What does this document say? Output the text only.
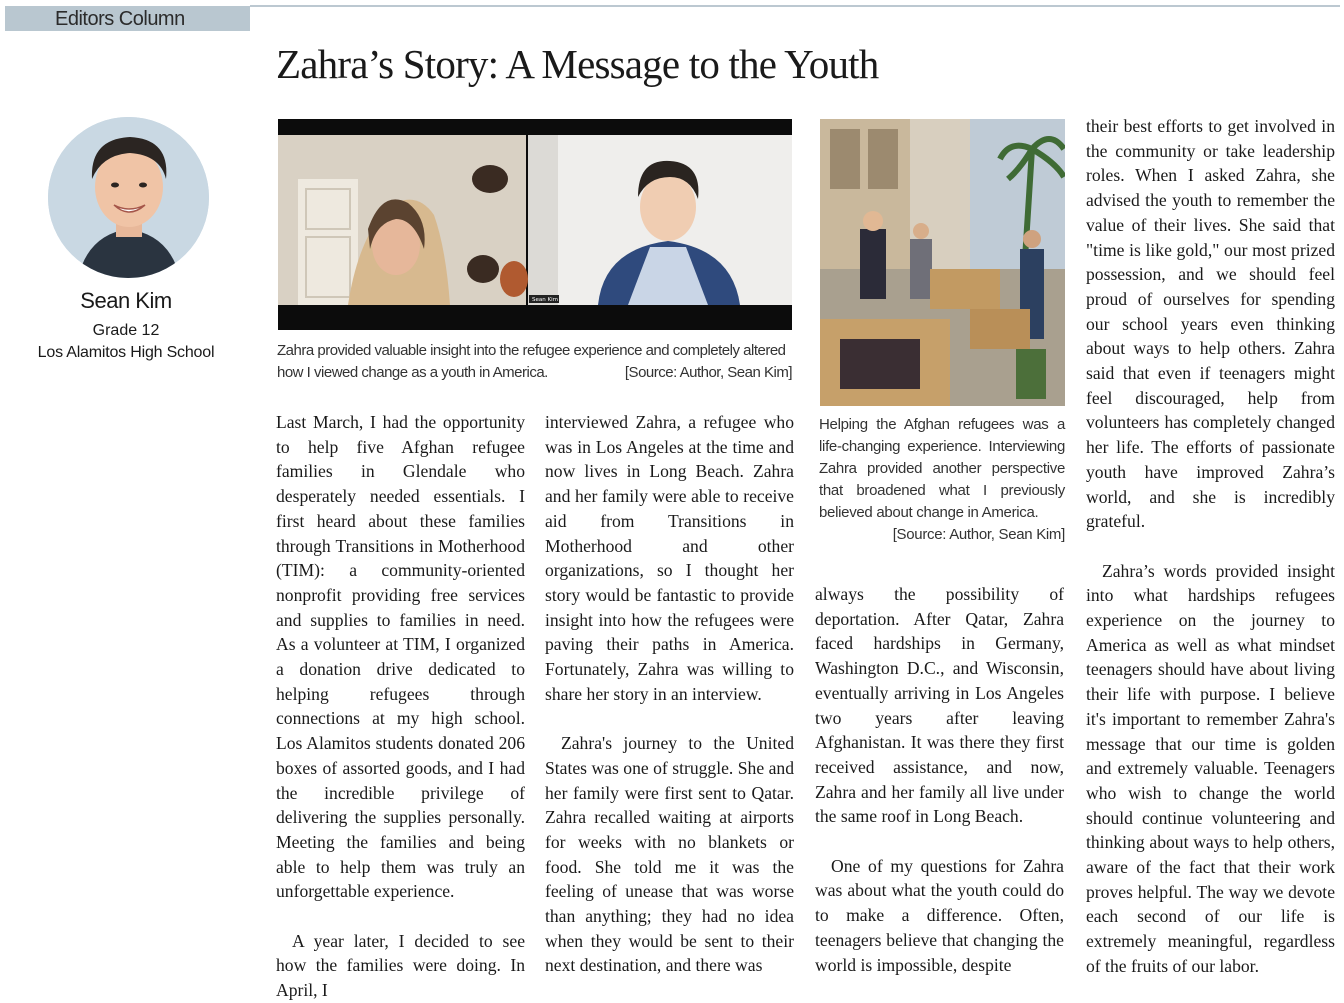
Editors Column
Zahra’s Story: A Message to the Youth
Sean Kim
Grade 12
Los Alamitos High School
Sean Kim
Zahra provided valuable insight into the refugee experience and completely altered how I viewed change as a youth in America.	[Source: Author, Sean Kim]
Helping the Afghan refugees was a life-changing experience. Interviewing Zahra provided another perspective that broadened what I previously believed about change in America.
[Source: Author, Sean Kim]

Last March, I had the opportunity to help five Afghan refugee families in Glendale who desperately needed essentials. I first heard about these families through Transitions in Motherhood (TIM): a community-oriented nonprofit providing free services and supplies to families in need. As a volunteer at TIM, I organized a donation drive dedicated to helping refugees through connections at my high school. Los Alamitos students donated 206 boxes of assorted goods, and I had the incredible privilege of delivering the supplies personally. Meeting the families and being able to help them was truly an unforgettable experience.

A year later, I decided to see how the families were doing. In April, I

interviewed Zahra, a refugee who was in Los Angeles at the time and now lives in Long Beach. Zahra and her family were able to receive aid from Transitions in Motherhood and other organizations, so I thought her story would be fantastic to provide insight into how the refugees were paving their paths in America. Fortunately, Zahra was willing to share her story in an interview.

Zahra's journey to the United States was one of struggle. She and her family were first sent to Qatar. Zahra recalled waiting at airports for weeks with no blankets or food. She told me it was the feeling of unease that was worse than anything; they had no idea when they would be sent to their next destination, and there was

always the possibility of deportation. After Qatar, Zahra faced hardships in Germany, Washington D.C., and Wisconsin, eventually arriving in Los Angeles two years after leaving Afghanistan. It was there they first received assistance, and now, Zahra and her family all live under the same roof in Long Beach.

One of my questions for Zahra was about what the youth could do to make a difference. Often, teenagers believe that changing the world is impossible, despite

their best efforts to get involved in the community or take leadership roles. When I asked Zahra, she advised the youth to remember the value of their lives. She said that "time is like gold," our most prized possession, and we should feel proud of ourselves for spending our school years even thinking about ways to help others. Zahra said that even if teenagers might feel discouraged, help from volunteers has completely changed her life. The efforts of passionate youth have improved Zahra’s world, and she is incredibly grateful.

Zahra’s words provided insight into what hardships refugees experience on the journey to America as well as what mindset teenagers should have about living their life with purpose. I believe it's important to remember Zahra's message that our time is golden and extremely valuable. Teenagers who wish to change the world should continue volunteering and thinking about ways to help others, aware of the fact that their work proves helpful. The way we devote each second of our life is extremely meaningful, regardless of the fruits of our labor.
